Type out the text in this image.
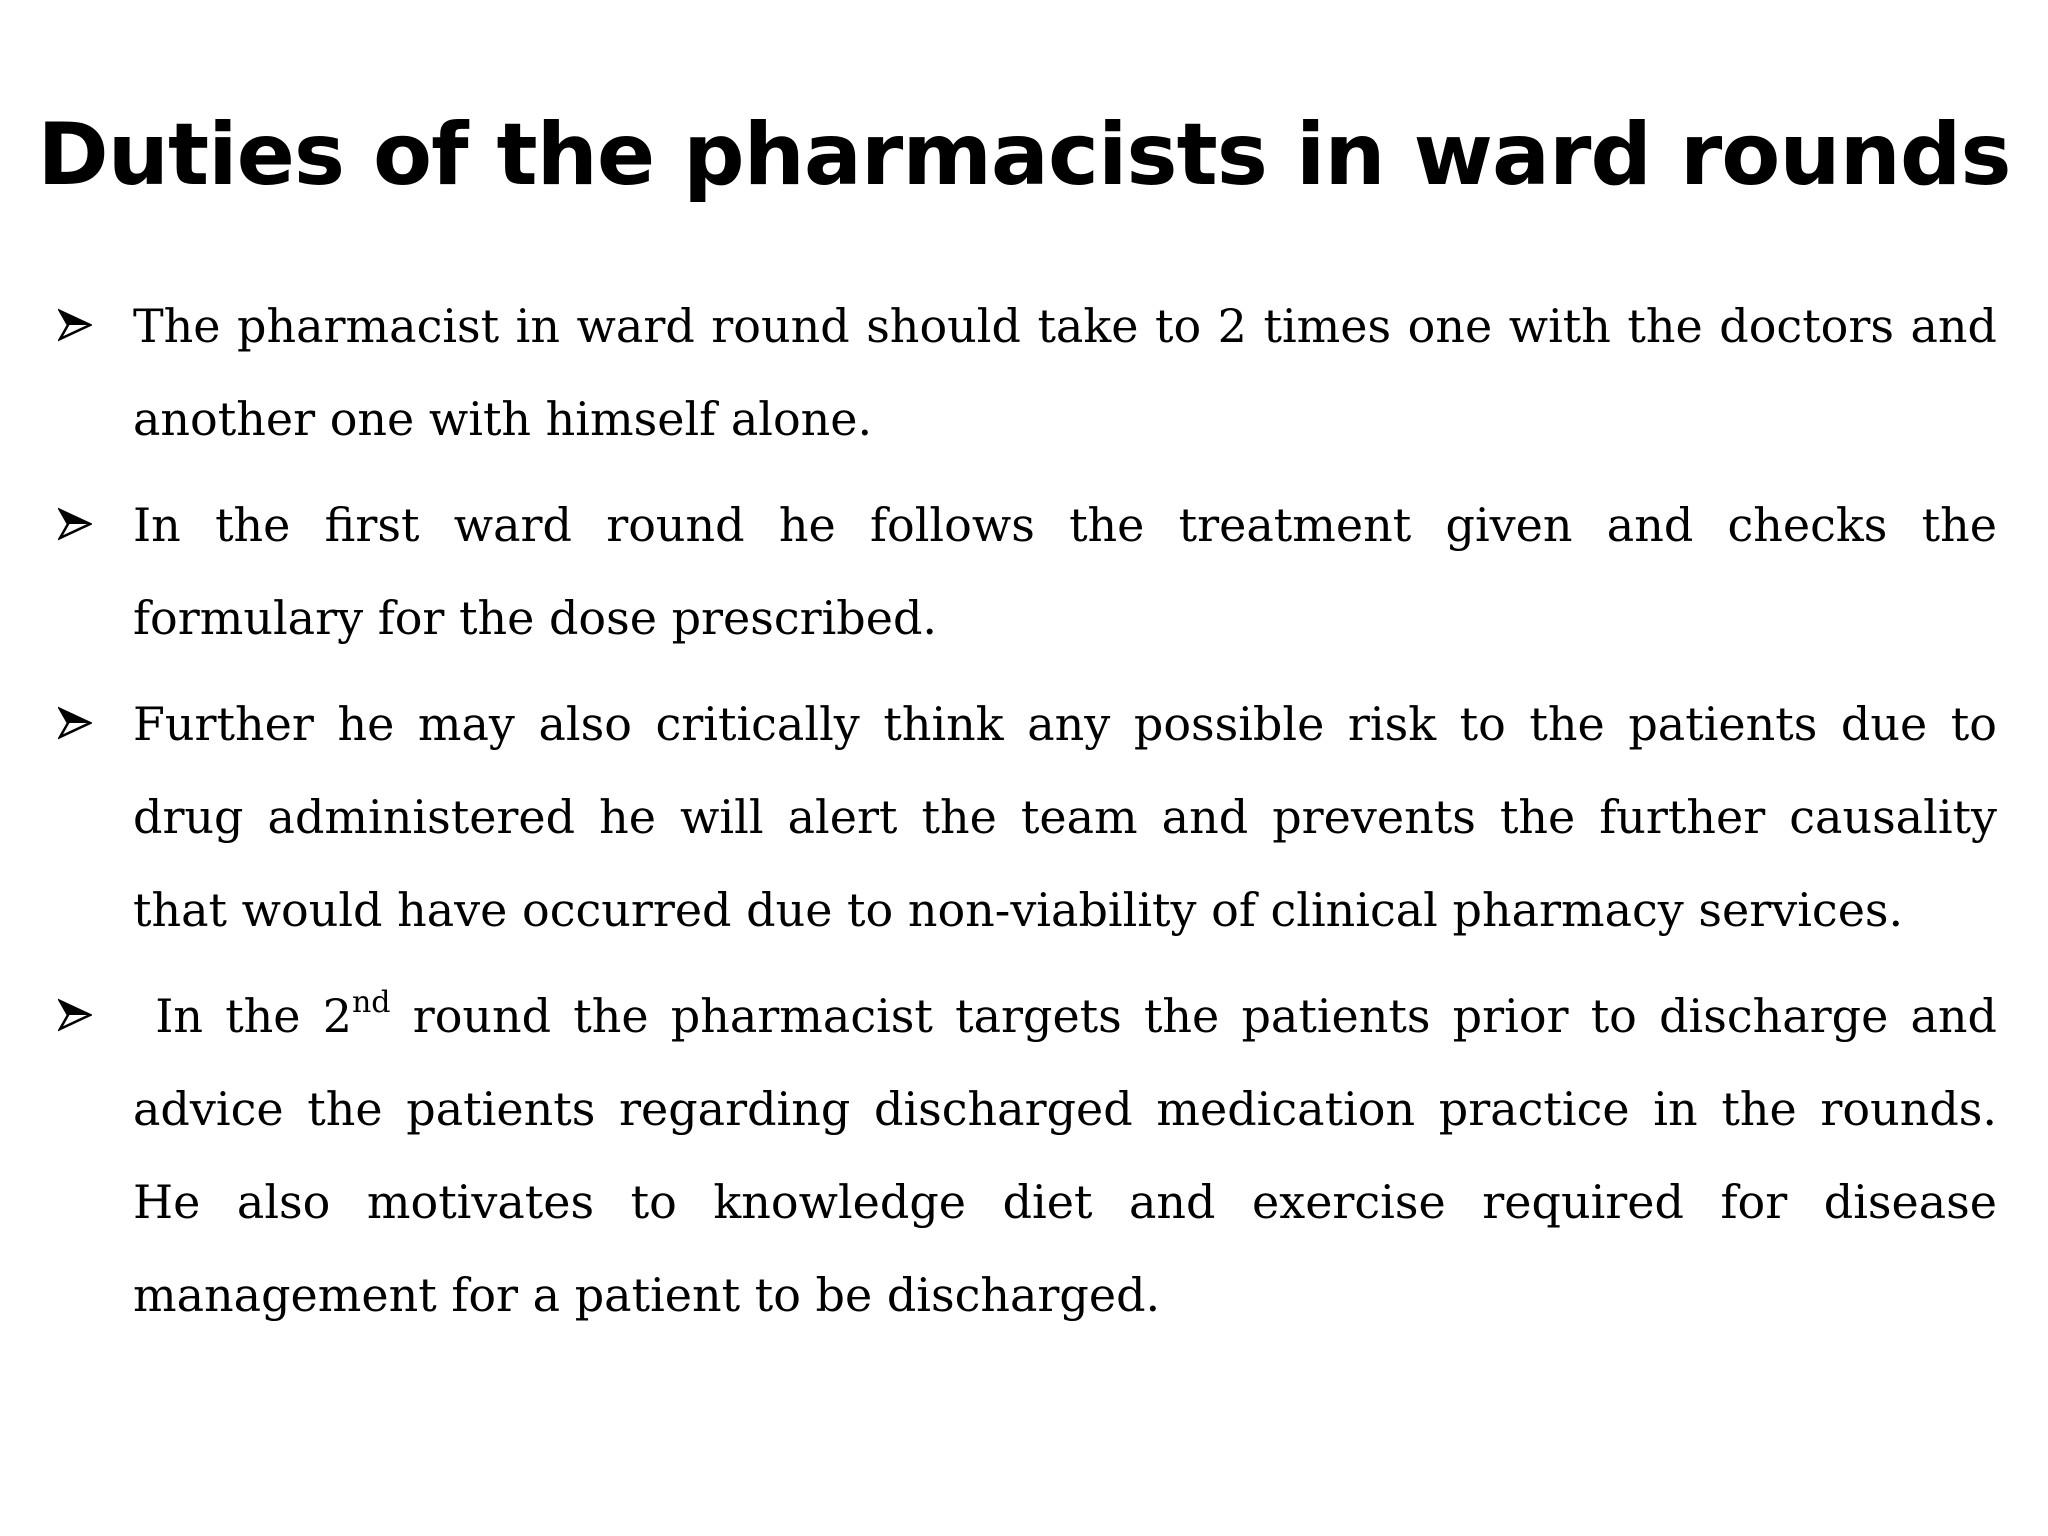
Duties of the pharmacists in ward rounds
The pharmacist in ward round should take to 2 times one with the doctors and another one with himself alone.
In the first ward round he follows the treatment given and checks the formulary for the dose prescribed.
Further he may also critically think any possible risk to the patients due to drug administered he will alert the team and prevents the further causality that would have occurred due to non-viability of clinical pharmacy services.
In the 2nd round the pharmacist targets the patients prior to discharge and advice the patients regarding discharged medication practice in the rounds. He also motivates to knowledge diet and exercise required for disease management for a patient to be discharged.
